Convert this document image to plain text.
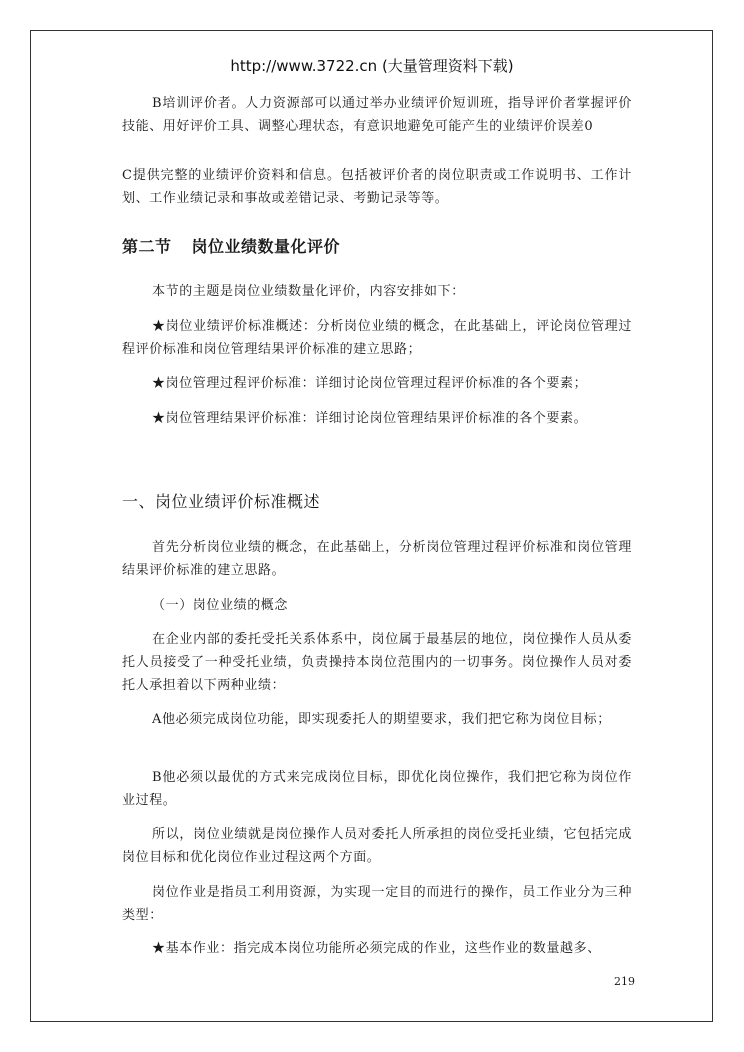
http://www.3722.cn (大量管理资料下载)
B培训评价者。人力资源部可以通过举办业绩评价短训班，指导评价者掌握评价技能、用好评价工具、调整心理状态，有意识地避免可能产生的业绩评价误差0
C提供完整的业绩评价资料和信息。包括被评价者的岗位职责或工作说明书、工作计划、工作业绩记录和事故或差错记录、考勤记录等等。
第二节 岗位业绩数量化评价
本节的主题是岗位业绩数量化评价，内容安排如下：
★岗位业绩评价标准概述：分析岗位业绩的概念，在此基础上，评论岗位管理过程评价标准和岗位管理结果评价标准的建立思路；
★岗位管理过程评价标准：详细讨论岗位管理过程评价标准的各个要素；
★岗位管理结果评价标准：详细讨论岗位管理结果评价标准的各个要素。
一、岗位业绩评价标准概述
首先分析岗位业绩的概念，在此基础上，分析岗位管理过程评价标准和岗位管理结果评价标准的建立思路。
（一）岗位业绩的概念
在企业内部的委托受托关系体系中，岗位属于最基层的地位，岗位操作人员从委托人员接受了一种受托业绩，负责操持本岗位范围内的一切事务。岗位操作人员对委托人承担着以下两种业绩：
A他必须完成岗位功能，即实现委托人的期望要求，我们把它称为岗位目标；
B他必须以最优的方式来完成岗位目标，即优化岗位操作，我们把它称为岗位作业过程。
所以，岗位业绩就是岗位操作人员对委托人所承担的岗位受托业绩，它包括完成岗位目标和优化岗位作业过程这两个方面。
岗位作业是指员工利用资源，为实现一定目的而进行的操作，员工作业分为三种类型：
★基本作业：指完成本岗位功能所必须完成的作业，这些作业的数量越多、
219
